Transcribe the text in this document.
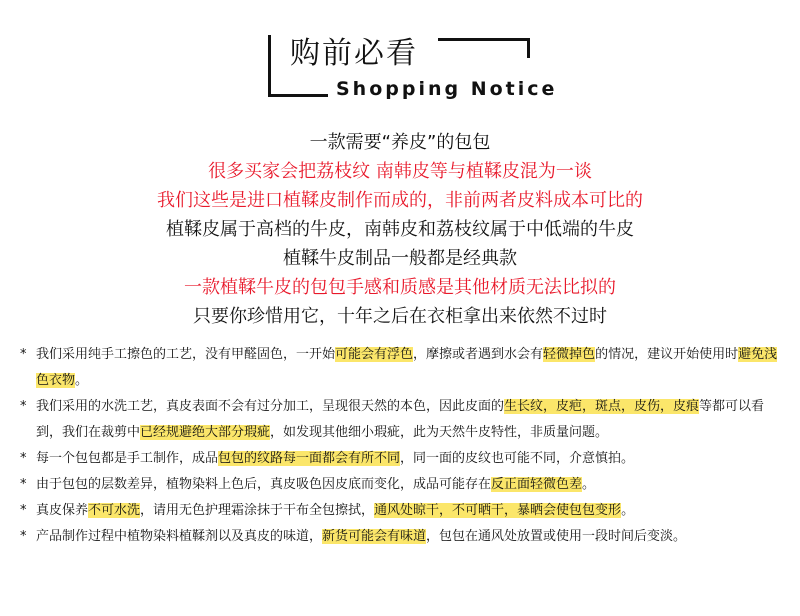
购前必看
Shopping Notice
一款需要“养皮”的包包
很多买家会把荔枝纹 南韩皮等与植鞣皮混为一谈
我们这些是进口植鞣皮制作而成的，非前两者皮料成本可比的
植鞣皮属于高档的牛皮，南韩皮和荔枝纹属于中低端的牛皮
植鞣牛皮制品一般都是经典款
一款植鞣牛皮的包包手感和质感是其他材质无法比拟的
只要你珍惜用它，十年之后在衣柜拿出来依然不过时
* 我们采用纯手工擦色的工艺，没有甲醛固色，一开始可能会有浮色，摩擦或者遇到水会有轻微掉色的情况，建议开始使用时避免浅色衣物。
* 我们采用的水洗工艺，真皮表面不会有过分加工，呈现很天然的本色，因此皮面的生长纹，皮疤，斑点，皮伤，皮痕等都可以看到，我们在裁剪中已经规避绝大部分瑕疵，如发现其他细小瑕疵，此为天然牛皮特性，非质量问题。
* 每一个包包都是手工制作，成品包包的纹路每一面都会有所不同，同一面的皮纹也可能不同，介意慎拍。
* 由于包包的层数差异，植物染料上色后，真皮吸色因皮底而变化，成品可能存在反正面轻微色差。
* 真皮保养不可水洗，请用无色护理霜涂抹于干布全包擦拭，通风处晾干，不可晒干，暴晒会使包包变形。
* 产品制作过程中植物染料植鞣剂以及真皮的味道，新货可能会有味道，包包在通风处放置或使用一段时间后变淡。
